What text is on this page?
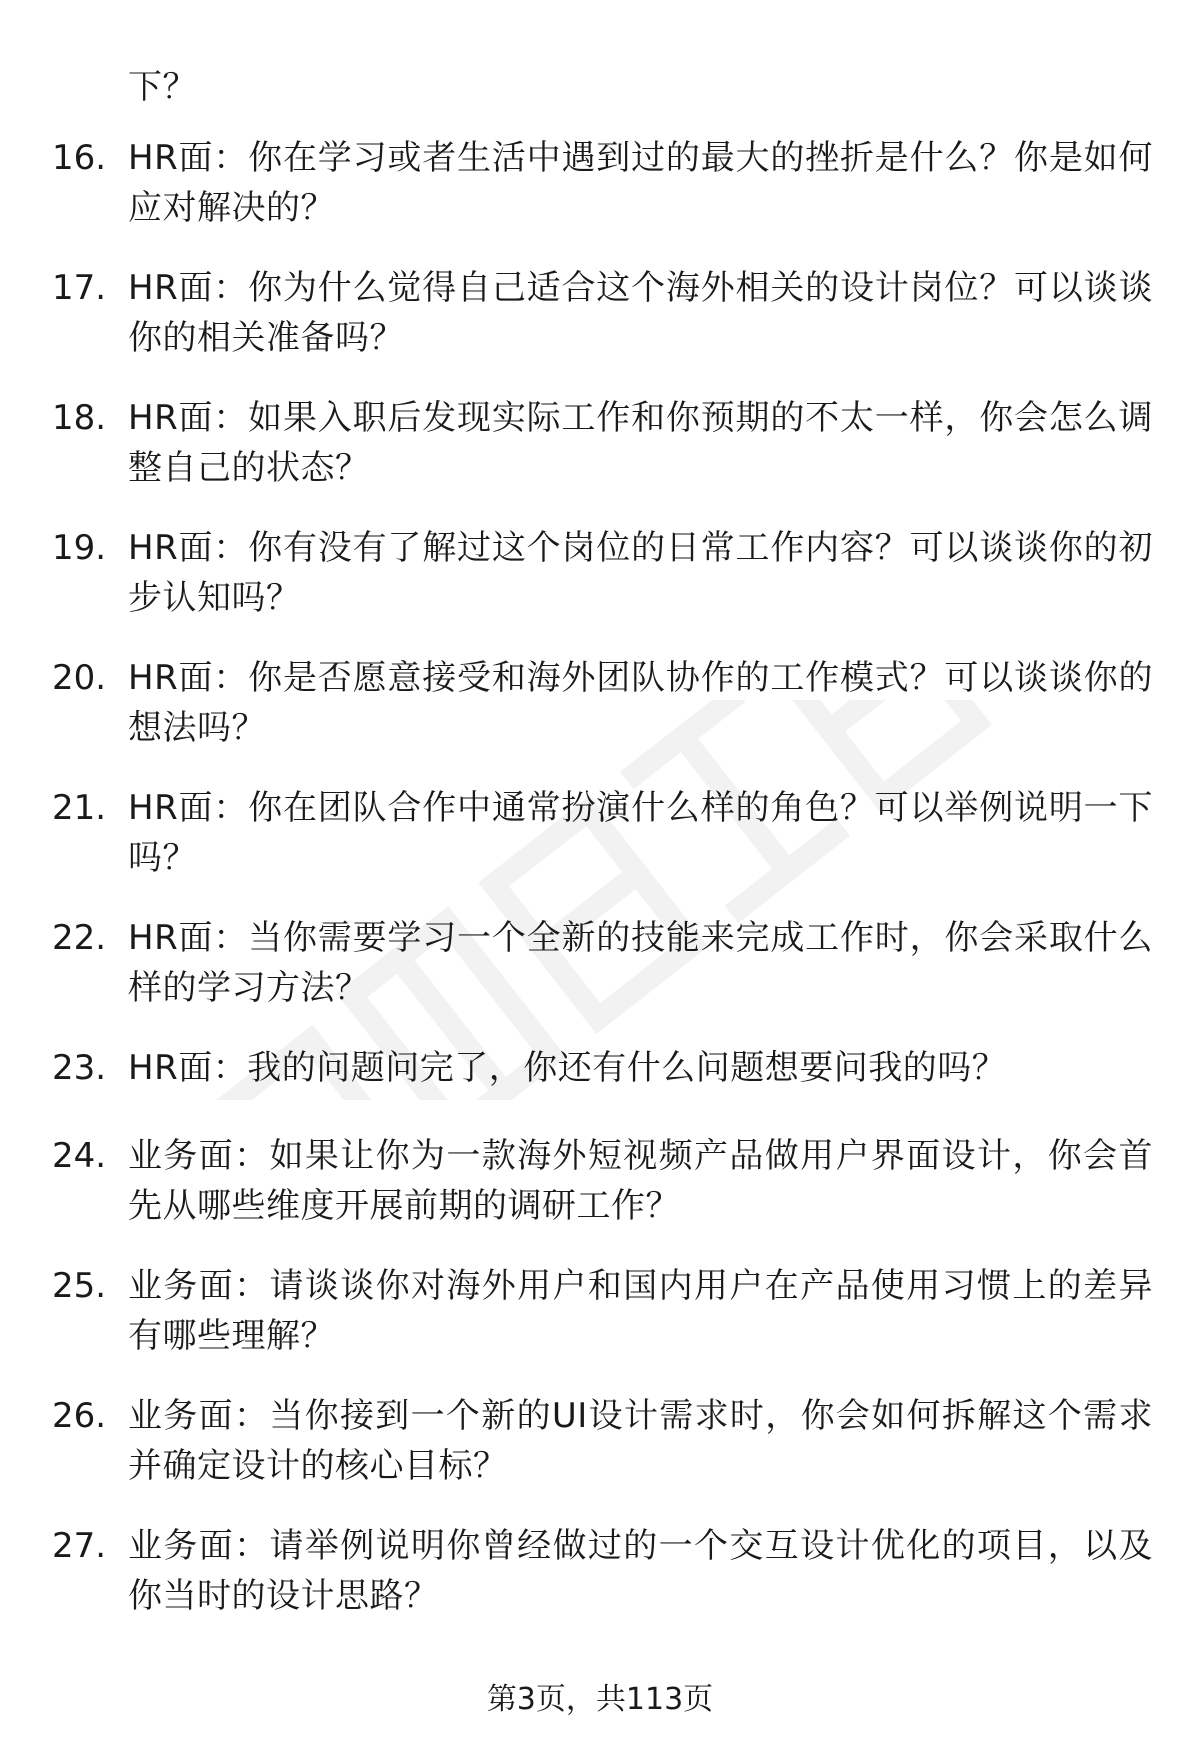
下？
16. HR面：你在学习或者生活中遇到过的最大的挫折是什么？你是如何应对解决的？
17. HR面：你为什么觉得自己适合这个海外相关的设计岗位？可以谈谈你的相关准备吗？
18. HR面：如果入职后发现实际工作和你预期的不太一样，你会怎么调整自己的状态？
19. HR面：你有没有了解过这个岗位的日常工作内容？可以谈谈你的初步认知吗？
20. HR面：你是否愿意接受和海外团队协作的工作模式？可以谈谈你的想法吗？
21. HR面：你在团队合作中通常扮演什么样的角色？可以举例说明一下吗？
22. HR面：当你需要学习一个全新的技能来完成工作时，你会采取什么样的学习方法？
23. HR面：我的问题问完了，你还有什么问题想要问我的吗？
24. 业务面：如果让你为一款海外短视频产品做用户界面设计，你会首先从哪些维度开展前期的调研工作？
25. 业务面：请谈谈你对海外用户和国内用户在产品使用习惯上的差异有哪些理解？
26. 业务面：当你接到一个新的UI设计需求时，你会如何拆解这个需求并确定设计的核心目标？
27. 业务面：请举例说明你曾经做过的一个交互设计优化的项目，以及你当时的设计思路？
第3页，共113页
